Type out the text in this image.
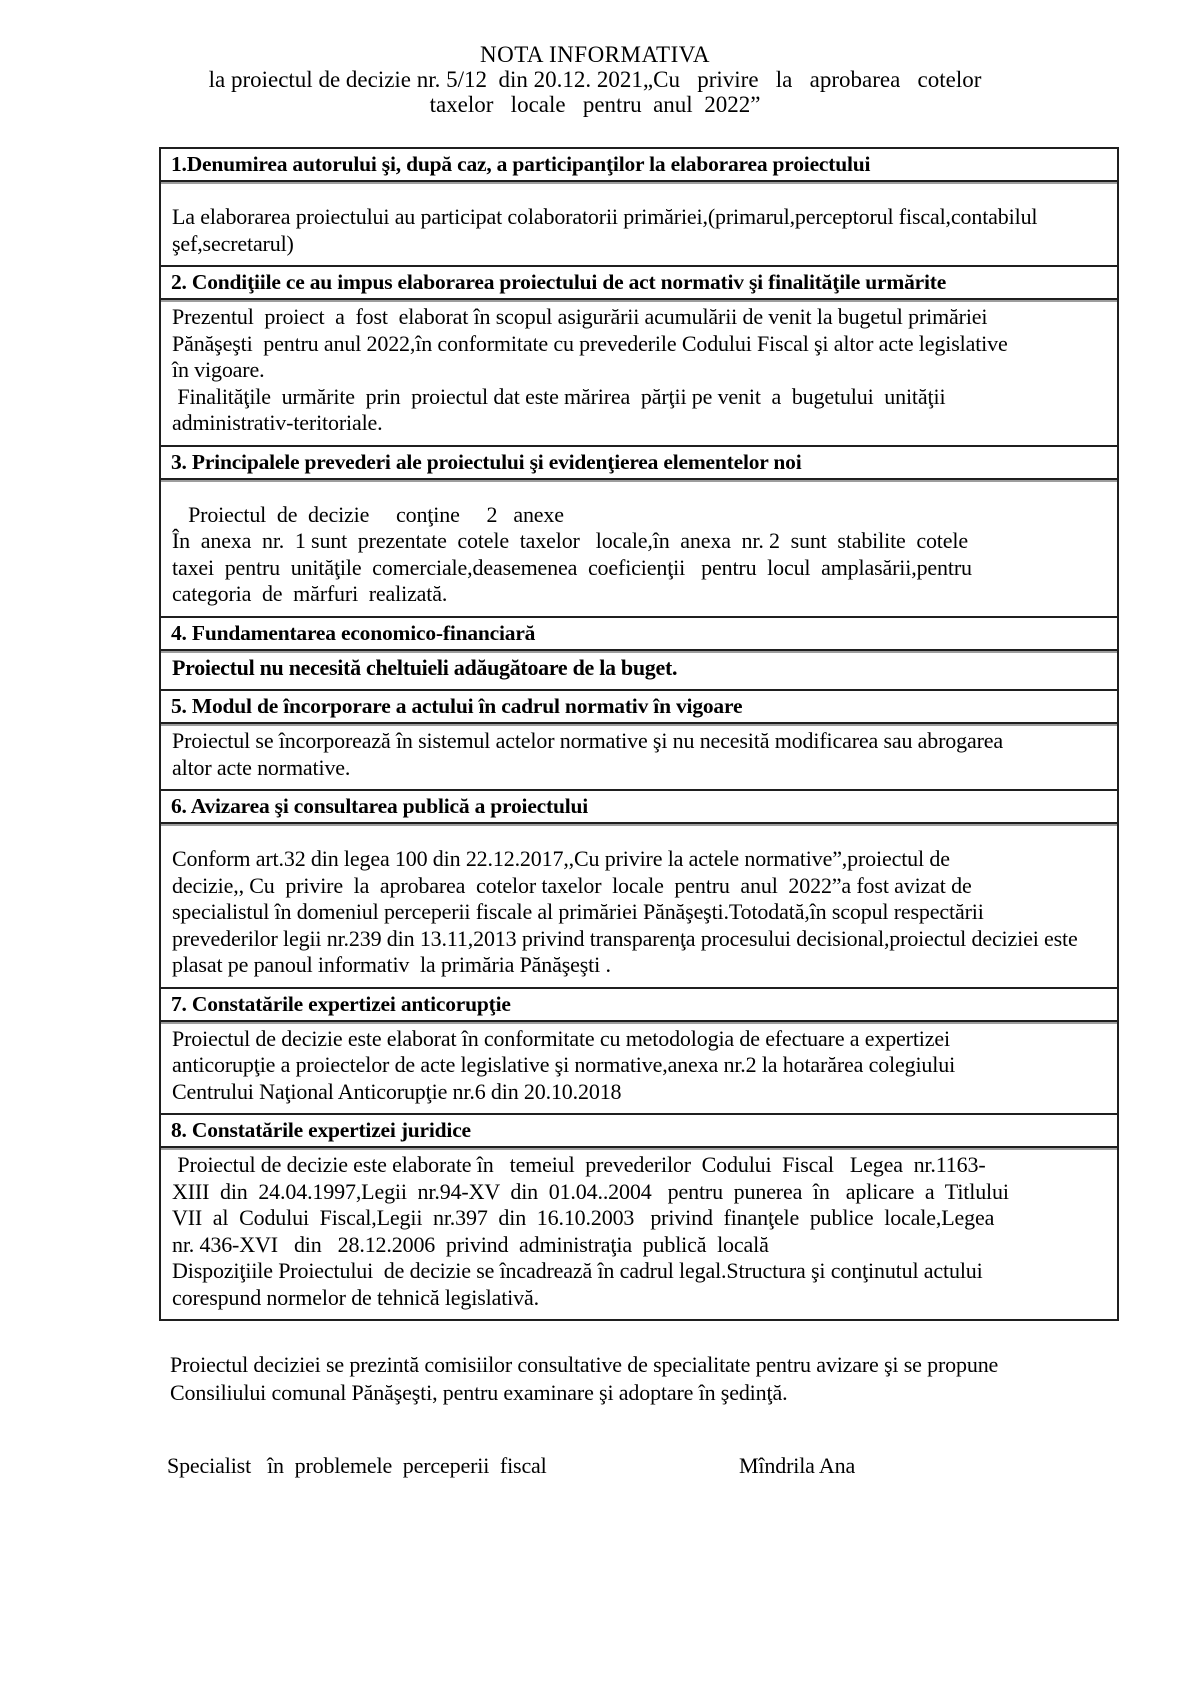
NOTA INFORMATIVA
la proiectul de decizie nr. 5/12  din 20.12. 2021„Cu   privire   la   aprobarea   cotelor
taxelor   locale   pentru  anul  2022”
1.Denumirea autorului şi, după caz, a participanţilor la elaborarea proiectului

La elaborarea proiectului au participat colaboratorii primăriei,(primarul,perceptorul fiscal,contabilul

şef,secretarul)

2. Condiţiile ce au impus elaborarea proiectului de act normativ şi finalităţile urmărite

Prezentul  proiect  a  fost  elaborat în scopul asigurării acumulării de venit la bugetul primăriei

Pănăşeşti  pentru anul 2022,în conformitate cu prevederile Codului Fiscal şi altor acte legislative

în vigoare.

Finalităţile  urmărite  prin  proiectul dat este mărirea  părţii pe venit  a  bugetului  unităţii

administrativ-teritoriale.

3. Principalele prevederi ale proiectului şi evidenţierea elementelor noi

Proiectul  de  decizie     conţine     2   anexe

În  anexa  nr.  1 sunt  prezentate  cotele  taxelor   locale,în  anexa  nr. 2  sunt  stabilite  cotele

taxei  pentru  unităţile  comerciale,deasemenea  coeficienţii   pentru  locul  amplasării,pentru

categoria  de  mărfuri  realizată.

4. Fundamentarea economico-financiară

Proiectul nu necesită cheltuieli adăugătoare de la buget.

5. Modul de încorporare a actului în cadrul normativ în vigoare

Proiectul se încorporează în sistemul actelor normative şi nu necesită modificarea sau abrogarea

altor acte normative.

6. Avizarea şi consultarea publică a proiectului

Conform art.32 din legea 100 din 22.12.2017,,Cu privire la actele normative”,proiectul de

decizie,, Cu  privire  la  aprobarea  cotelor taxelor  locale  pentru  anul  2022”a fost avizat de

specialistul în domeniul perceperii fiscale al primăriei Pănăşeşti.Totodată,în scopul respectării

prevederilor legii nr.239 din 13.11,2013 privind transparenţa procesului decisional,proiectul deciziei este

plasat pe panoul informativ  la primăria Pănăşeşti .

7. Constatările expertizei anticorupţie

Proiectul de decizie este elaborat în conformitate cu metodologia de efectuare a expertizei

anticorupţie a proiectelor de acte legislative şi normative,anexa nr.2 la hotarărea colegiului

Centrului Naţional Anticorupţie nr.6 din 20.10.2018

8. Constatările expertizei juridice

Proiectul de decizie este elaborate în   temeiul  prevederilor  Codului  Fiscal   Legea  nr.1163-

XIII  din  24.04.1997,Legii  nr.94-XV  din  01.04..2004   pentru  punerea  în   aplicare  a  Titlului

VII  al  Codului  Fiscal,Legii  nr.397  din  16.10.2003   privind  finanţele  publice  locale,Legea

nr. 436-XVI   din   28.12.2006  privind  administraţia  publică  locală

Dispoziţiile Proiectului  de decizie se încadrează în cadrul legal.Structura şi conţinutul actului

corespund normelor de tehnică legislativă.

Proiectul deciziei se prezintă comisiilor consultative de specialitate pentru avizare şi se propune
Consiliului comunal Pănăşeşti, pentru examinare şi adoptare în şedinţă.
Specialist   în  problemele  perceperii  fiscal	Mîndrila Ana
